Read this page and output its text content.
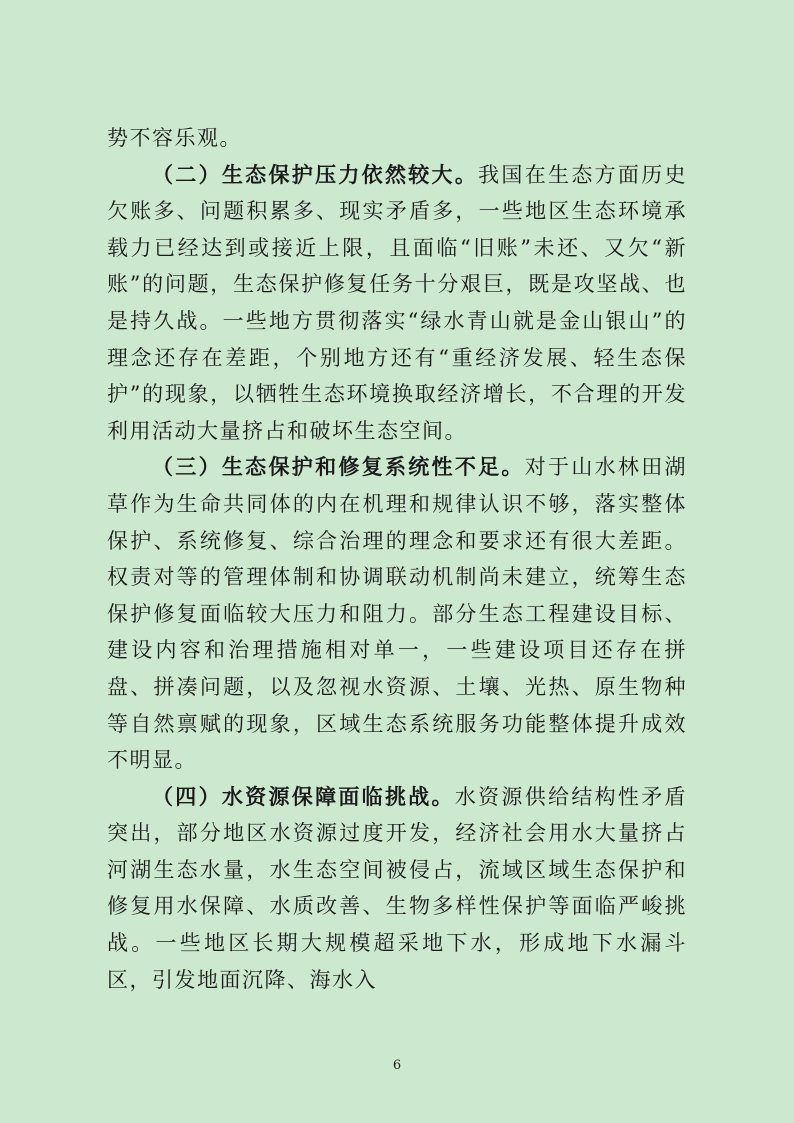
势不容乐观。

（二）生态保护压力依然较大。我国在生态方面历史欠账多、问题积累多、现实矛盾多，一些地区生态环境承载力已经达到或接近上限，且面临“旧账”未还、又欠“新账”的问题，生态保护修复任务十分艰巨，既是攻坚战、也是持久战。一些地方贯彻落实“绿水青山就是金山银山”的理念还存在差距，个别地方还有“重经济发展、轻生态保护”的现象，以牺牲生态环境换取经济增长，不合理的开发利用活动大量挤占和破坏生态空间。

（三）生态保护和修复系统性不足。对于山水林田湖草作为生命共同体的内在机理和规律认识不够，落实整体保护、系统修复、综合治理的理念和要求还有很大差距。权责对等的管理体制和协调联动机制尚未建立，统筹生态保护修复面临较大压力和阻力。部分生态工程建设目标、建设内容和治理措施相对单一，一些建设项目还存在拼盘、拼凑问题，以及忽视水资源、土壤、光热、原生物种等自然禀赋的现象，区域生态系统服务功能整体提升成效不明显。

（四）水资源保障面临挑战。水资源供给结构性矛盾突出，部分地区水资源过度开发，经济社会用水大量挤占河湖生态水量，水生态空间被侵占，流域区域生态保护和修复用水保障、水质改善、生物多样性保护等面临严峻挑战。一些地区长期大规模超采地下水，形成地下水漏斗区，引发地面沉降、海水入

6
